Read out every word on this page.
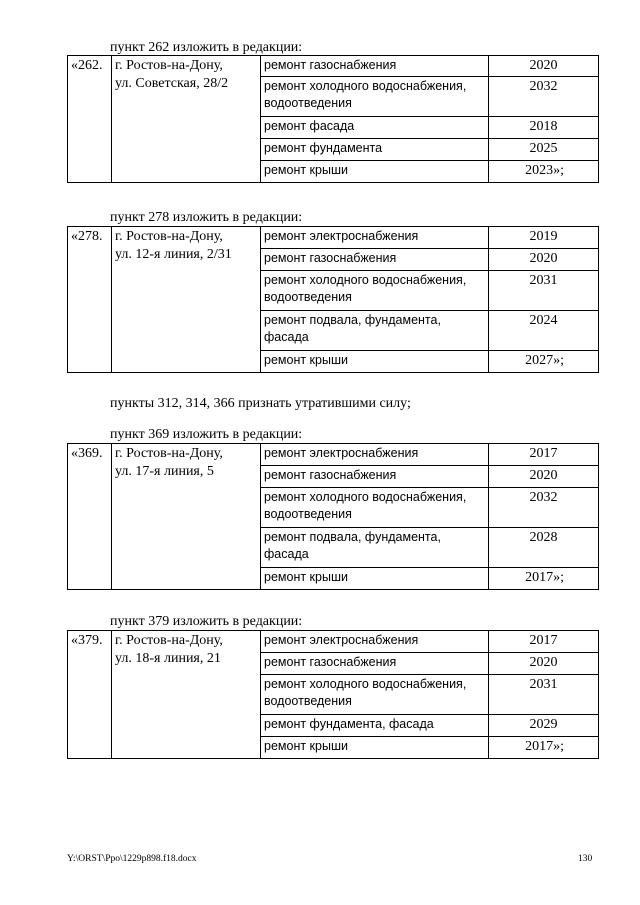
пункт 262 изложить в редакции:
«262.	г. Ростов-на-Дону,
ул. Советская, 28/2	ремонт газоснабжения	2020
		ремонт холодного водоснабжения, водоотведения	2032
		ремонт фасада	2018
		ремонт фундамента	2025
		ремонт крыши	2023»;
пункт 278 изложить в редакции:
«278.	г. Ростов-на-Дону,
ул. 12-я линия, 2/31	ремонт электроснабжения	2019
		ремонт газоснабжения	2020
		ремонт холодного водоснабжения, водоотведения	2031
		ремонт подвала, фундамента, фасада	2024
		ремонт крыши	2027»;
пункты 312, 314, 366 признать утратившими силу;
пункт 369 изложить в редакции:
«369.	г. Ростов-на-Дону,
ул. 17-я линия, 5	ремонт электроснабжения	2017
		ремонт газоснабжения	2020
		ремонт холодного водоснабжения, водоотведения	2032
		ремонт подвала, фундамента, фасада	2028
		ремонт крыши	2017»;
пункт 379 изложить в редакции:
«379.	г. Ростов-на-Дону,
ул. 18-я линия, 21	ремонт электроснабжения	2017
		ремонт газоснабжения	2020
		ремонт холодного водоснабжения, водоотведения	2031
		ремонт фундамента, фасада	2029
		ремонт крыши	2017»;
Y:\ORST\Ppo\1229p898.f18.docx	130
